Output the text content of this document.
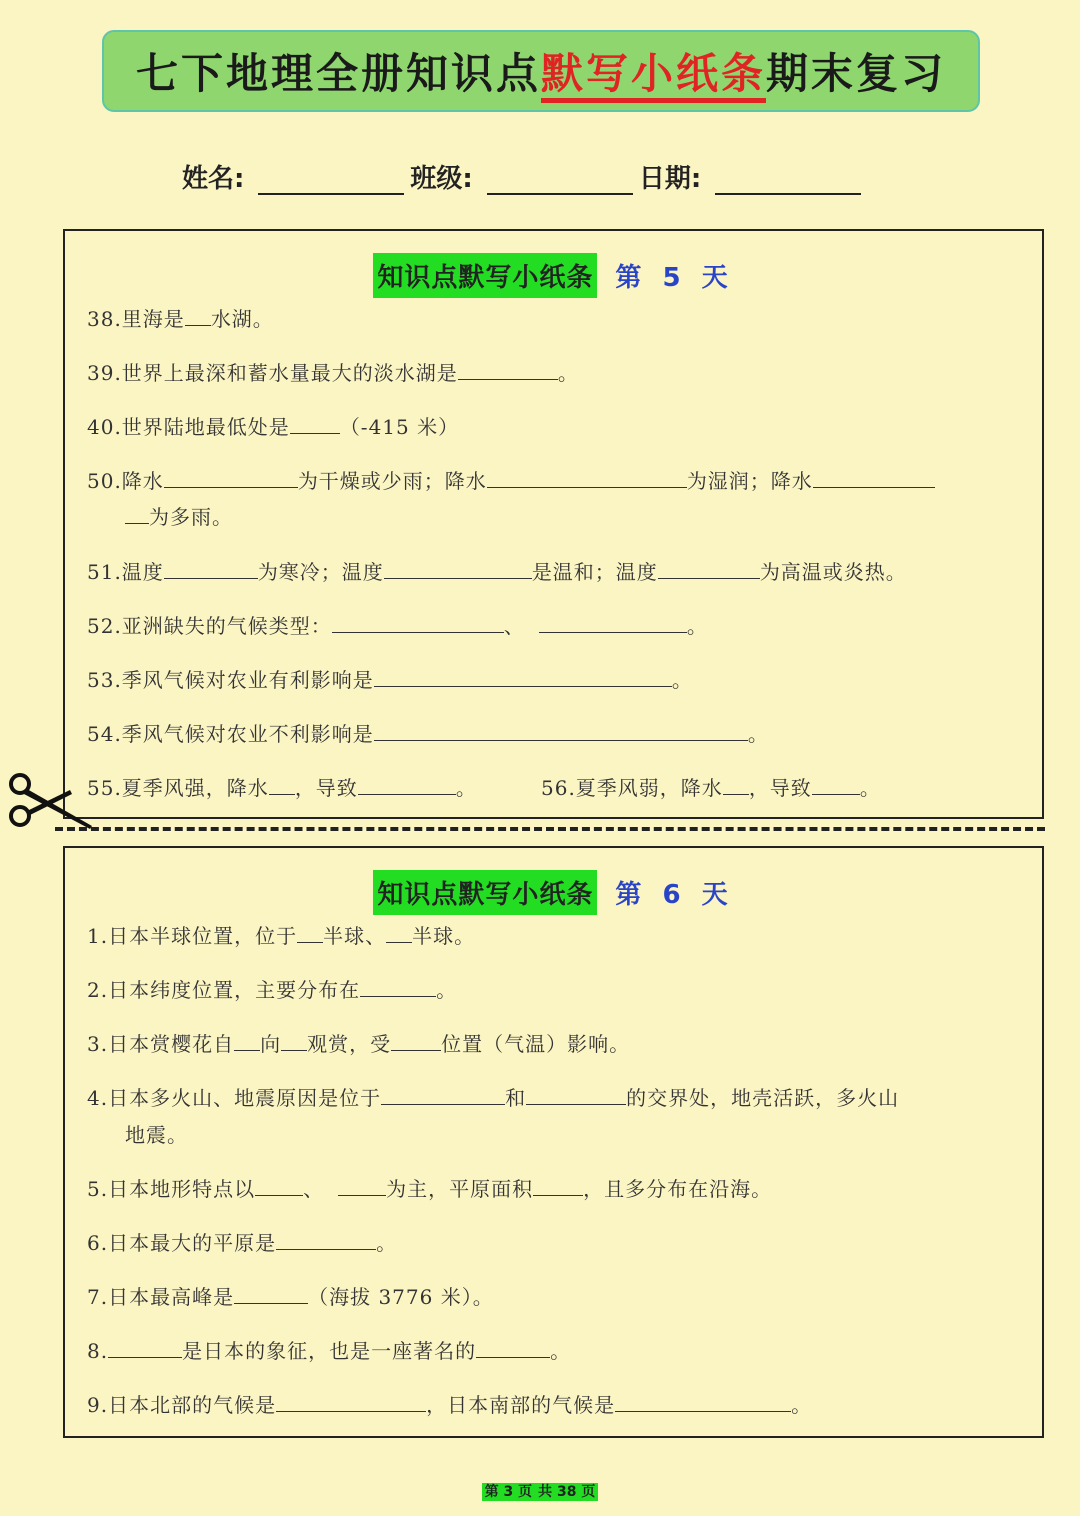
七下地理全册知识点默写小纸条期末复习
姓名:	班级:	日期:
知识点默写小纸条 第 5 天
38.里海是 水湖。
39.世界上最深和蓄水量最大的淡水湖是	。
40.世界陆地最低处是	（-415 米）
50.降水	为干燥或少雨；降水	为湿润；降水
为多雨。
51.温度	为寒冷；温度	是温和；温度	为高温或炎热。
52.亚洲缺失的气候类型：	、	。
53.季风气候对农业有利影响是	。
54.季风气候对农业不利影响是	。
55.夏季风强，降水 ，导致	。	56.夏季风弱，降水 ，导致 。
知识点默写小纸条 第 6 天
1.日本半球位置，位于 半球、 半球。
2.日本纬度位置，主要分布在	。
3.日本赏樱花自 向 观赏，受	位置（气温）影响。
4.日本多火山、地震原因是位于	和	的交界处，地壳活跃，多火山
地震。
5.日本地形特点以 、	为主，平原面积	，且多分布在沿海。
6.日本最大的平原是	。
7.日本最高峰是	（海拔 3776 米）。
8.	是日本的象征，也是一座著名的	。
9.日本北部的气候是	，日本南部的气候是	。
第 3 页 共 38 页
